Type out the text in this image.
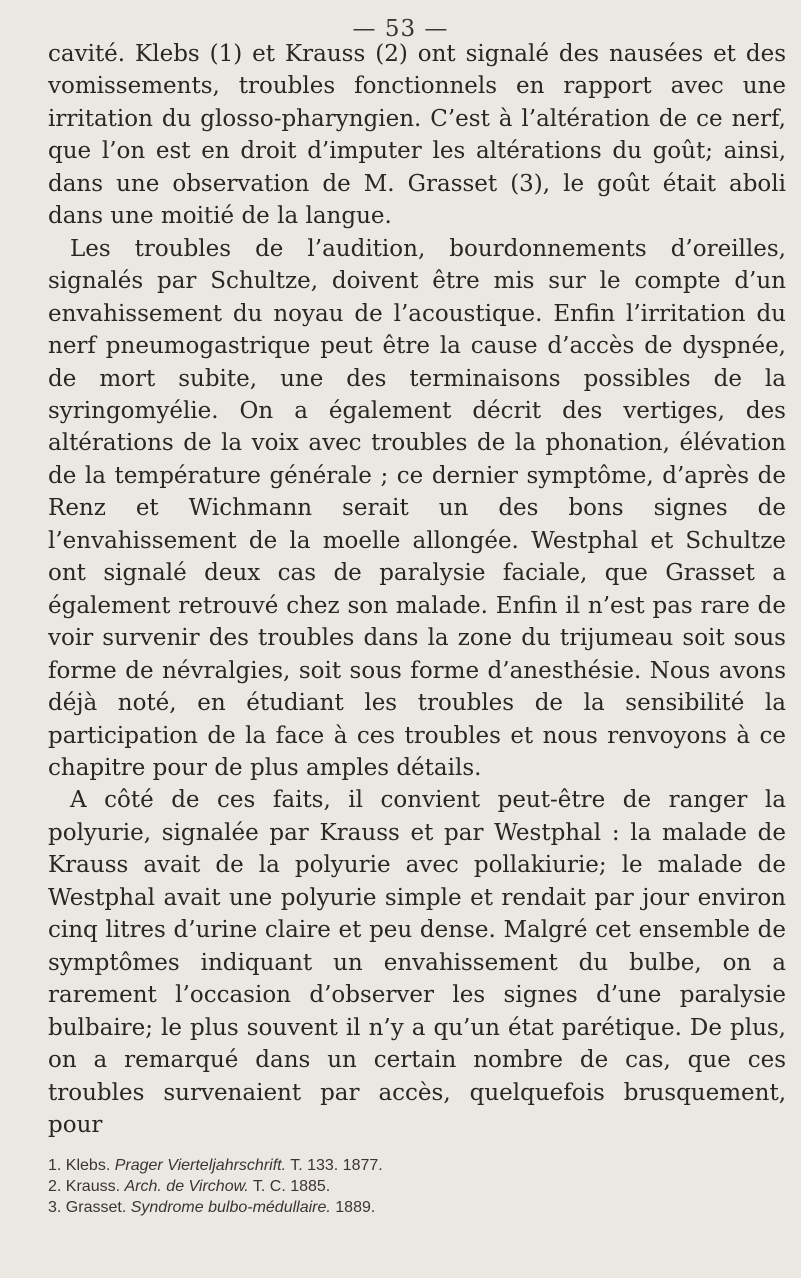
— 53 —

cavité. Klebs (1) et Krauss (2) ont signalé des nausées et des vomissements, troubles fonctionnels en rapport avec une irritation du glosso-pharyngien. C’est à l’altération de ce nerf, que l’on est en droit d’imputer les altérations du goût; ainsi, dans une observation de M. Grasset (3), le goût était aboli dans une moitié de la langue.

Les troubles de l’audition, bourdonnements d’oreilles, signalés par Schultze, doivent être mis sur le compte d’un envahissement du noyau de l’acoustique. Enfin l’irritation du nerf pneumogastrique peut être la cause d’accès de dyspnée, de mort subite, une des terminaisons possibles de la syringomyélie. On a également décrit des vertiges, des altérations de la voix avec troubles de la phonation, élévation de la température générale ; ce dernier symptôme, d’après de Renz et Wichmann serait un des bons signes de l’envahissement de la moelle allongée. Westphal et Schultze ont signalé deux cas de paralysie faciale, que Grasset a également retrouvé chez son malade. Enfin il n’est pas rare de voir survenir des troubles dans la zone du trijumeau soit sous forme de névralgies, soit sous forme d’anesthésie. Nous avons déjà noté, en étudiant les troubles de la sensibilité la participation de la face à ces troubles et nous renvoyons à ce chapitre pour de plus amples détails.

A côté de ces faits, il convient peut-être de ranger la polyurie, signalée par Krauss et par Westphal : la malade de Krauss avait de la polyurie avec pollakiurie; le malade de Westphal avait une polyurie simple et rendait par jour environ cinq litres d’urine claire et peu dense. Malgré cet ensemble de symptômes indiquant un envahissement du bulbe, on a rarement l’occasion d’observer les signes d’une paralysie bulbaire; le plus souvent il n’y a qu’un état parétique. De plus, on a remarqué dans un certain nombre de cas, que ces troubles survenaient par accès, quelquefois brusquement, pour

1. Klebs. Prager Vierteljahrschrift. T. 133. 1877.
2. Krauss. Arch. de Virchow. T. C. 1885.
3. Grasset. Syndrome bulbo-médullaire. 1889.
